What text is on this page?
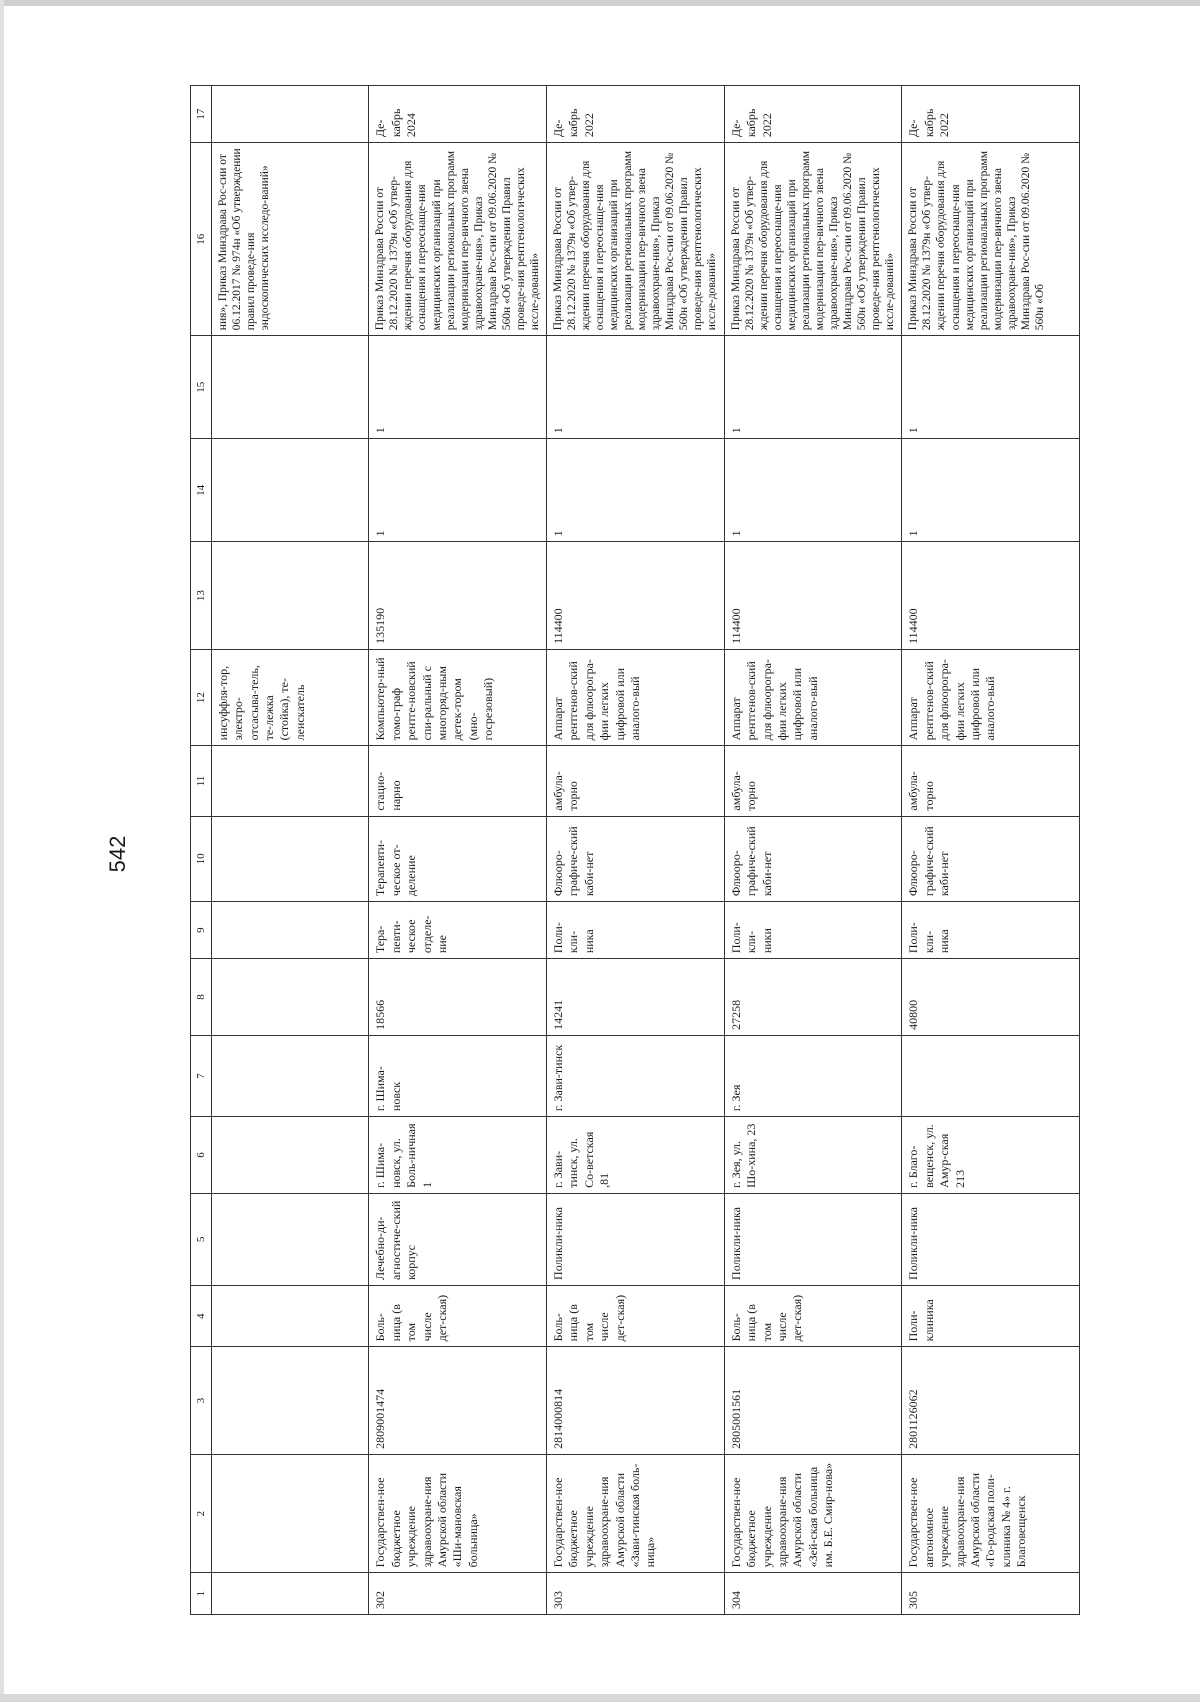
542
1	2	3	4	5	6	7	8	9	10	11	12	13	14	15	16	17
											инсуффля-тор, электро-отсасыва-тель, те-лежка (стойка), те-леискатель				ния», Приказ Минздрава Рос-сии от 06.12.2017 № 974н «Об утверждении правил проведе-ния эндоскопических исследо-ваний»	
302	Государствен-ное бюджетное учреждение здравоохране-ния Амурской области «Ши-мановская больница»	2809001474	Боль-ница (в том числе дет-ская)	Лечебно-ди-агностиче-ский корпус	г. Шима-новск, ул. Боль-ничная 1	г. Шима-новск	18566	Тера-певти-ческое отделе-ние	Терапевти-ческое от-деление	стацио-нарно	Компьютер-ный томо-граф рентге-новский спи-ральный с многоряд-ным детек-тором (мно-госрезовый)	135190	1	1	Приказ Минздрава России от 28.12.2020 № 1379н «Об утвер-ждении перечня оборудования для оснащения и переоснаще-ния медицинских организаций при реализации региональных программ модернизации пер-вичного звена здравоохране-ния», Приказ Минздрава Рос-сии от 09.06.2020 № 560н «Об утверждении Правил проведе-ния рентгенологических иссле-дований»	Де-кабрь 2024
303	Государствен-ное бюджетное учреждение здравоохране-ния Амурской области «Зави-тинская боль-ница»	2814000814	Боль-ница (в том числе дет-ская)	Поликли-ника	г. Зави-тинск, ул. Со-ветская ,81	г. Зави-тинск	14241	Поли-кли-ника	Флюоро-графиче-ский каби-нет	амбула-торно	Аппарат рентгенов-ский для флюорогра-фии легких цифровой или аналого-вый	114400	1	1	Приказ Минздрава России от 28.12.2020 № 1379н «Об утвер-ждении перечня оборудования для оснащения и переоснаще-ния медицинских организаций при реализации региональных программ модернизации пер-вичного звена здравоохране-ния», Приказ Минздрава Рос-сии от 09.06.2020 № 560н «Об утверждении Правил проведе-ния рентгенологических иссле-дований»	Де-кабрь 2022
304	Государствен-ное бюджетное учреждение здравоохране-ния Амурской области «Зей-ская больница им. Б.Е. Смир-нова»	2805001561	Боль-ница (в том числе дет-ская)	Поликли-ника	г. Зея, ул. Шо-хина, 23	г. Зея	27258	Поли-кли-ники	Флюоро-графиче-ский каби-нет	амбула-торно	Аппарат рентгенов-ский для флюорогра-фии легких цифровой или аналого-вый	114400	1	1	Приказ Минздрава России от 28.12.2020 № 1379н «Об утвер-ждении перечня оборудования для оснащения и переоснаще-ния медицинских организаций при реализации региональных программ модернизации пер-вичного звена здравоохране-ния», Приказ Минздрава Рос-сии от 09.06.2020 № 560н «Об утверждении Правил проведе-ния рентгенологических иссле-дований»	Де-кабрь 2022
305	Государствен-ное автономное учреждение здравоохране-ния Амурской области «Го-родская поли-клиника № 4» г. Благовещенск	2801126062	Поли-клиника	Поликли-ника	г. Благо-вещенск, ул. Амур-ская 213		40800	Поли-кли-ника	Флюоро-графиче-ский каби-нет	амбула-торно	Аппарат рентгенов-ский для флюорогра-фии легких цифровой или аналого-вый	114400	1	1	Приказ Минздрава России от 28.12.2020 № 1379н «Об утвер-ждении перечня оборудования для оснащения и переоснаще-ния медицинских организаций при реализации региональных программ модернизации пер-вичного звена здравоохране-ния», Приказ Минздрава Рос-сии от 09.06.2020 № 560н «Об	Де-кабрь 2022
